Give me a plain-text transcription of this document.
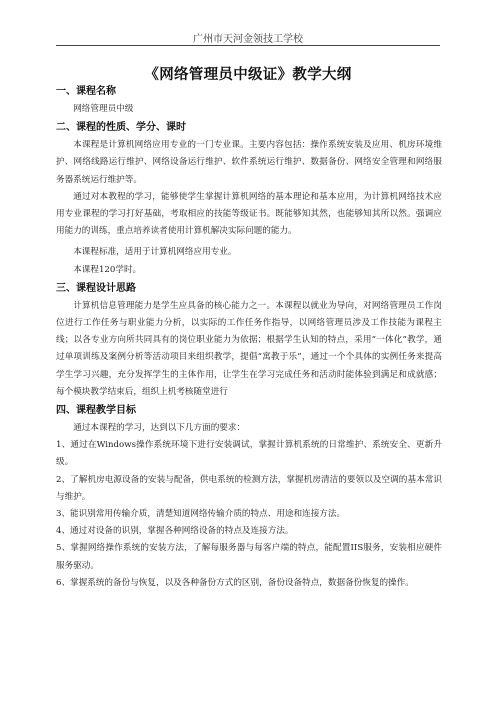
广州市天河金领技工学校
《网络管理员中级证》教学大纲
一、课程名称

网络管理员中级

二、课程的性质、学分、课时

本课程是计算机网络应用专业的一门专业课。主要内容包括：操作系统安装及应用、机房环境维护、网络线路运行维护、网络设备运行维护、软件系统运行维护、数据备份、网络安全管理和网络服务器系统运行维护等。

通过对本教程的学习，能够使学生掌握计算机网络的基本理论和基本应用，为计算机网络技术应用专业课程的学习打好基础，考取相应的技能等级证书。既能够知其然，也能够知其所以然。强调应用能力的训练，重点培养读者使用计算机解决实际问题的能力。

本课程标准，适用于计算机网络应用专业。

本课程120学时。

三、课程设计思路

计算机信息管理能力是学生应具备的核心能力之一。本课程以就业为导向，对网络管理员工作岗位进行工作任务与职业能力分析，以实际的工作任务作指导，以网络管理员涉及工作技能为课程主线；以各专业方向所共同具有的岗位职业能力为依据；根据学生认知的特点，采用“一体化”教学，通过单项训练及案例分析等活动项目来组织教学，提倡“寓教于乐”，通过一个个具体的实例任务来提高学生学习兴趣，充分发挥学生的主体作用，让学生在学习完成任务和活动时能体验到满足和成就感；每个模块教学结束后，组织上机考核随堂进行

四、课程教学目标

通过本课程的学习，达到以下几方面的要求：

1、通过在Windows操作系统环境下进行安装调试，掌握计算机系统的日常维护、系统安全、更新升级。

2、了解机房电源设备的安装与配备，供电系统的检测方法，掌握机房清洁的要领以及空调的基本常识与维护。

3、能识别常用传输介质，清楚知道网络传输介质的特点、用途和连接方法。

4、通过对设备的识别，掌握各种网络设备的特点及连接方法。

5、掌握网络操作系统的安装方法，了解每服务器与每客户端的特点，能配置IIS服务，安装相应硬件服务驱动。

6、掌握系统的备份与恢复，以及各种备份方式的区别，备份设备特点，数据备份恢复的操作。
